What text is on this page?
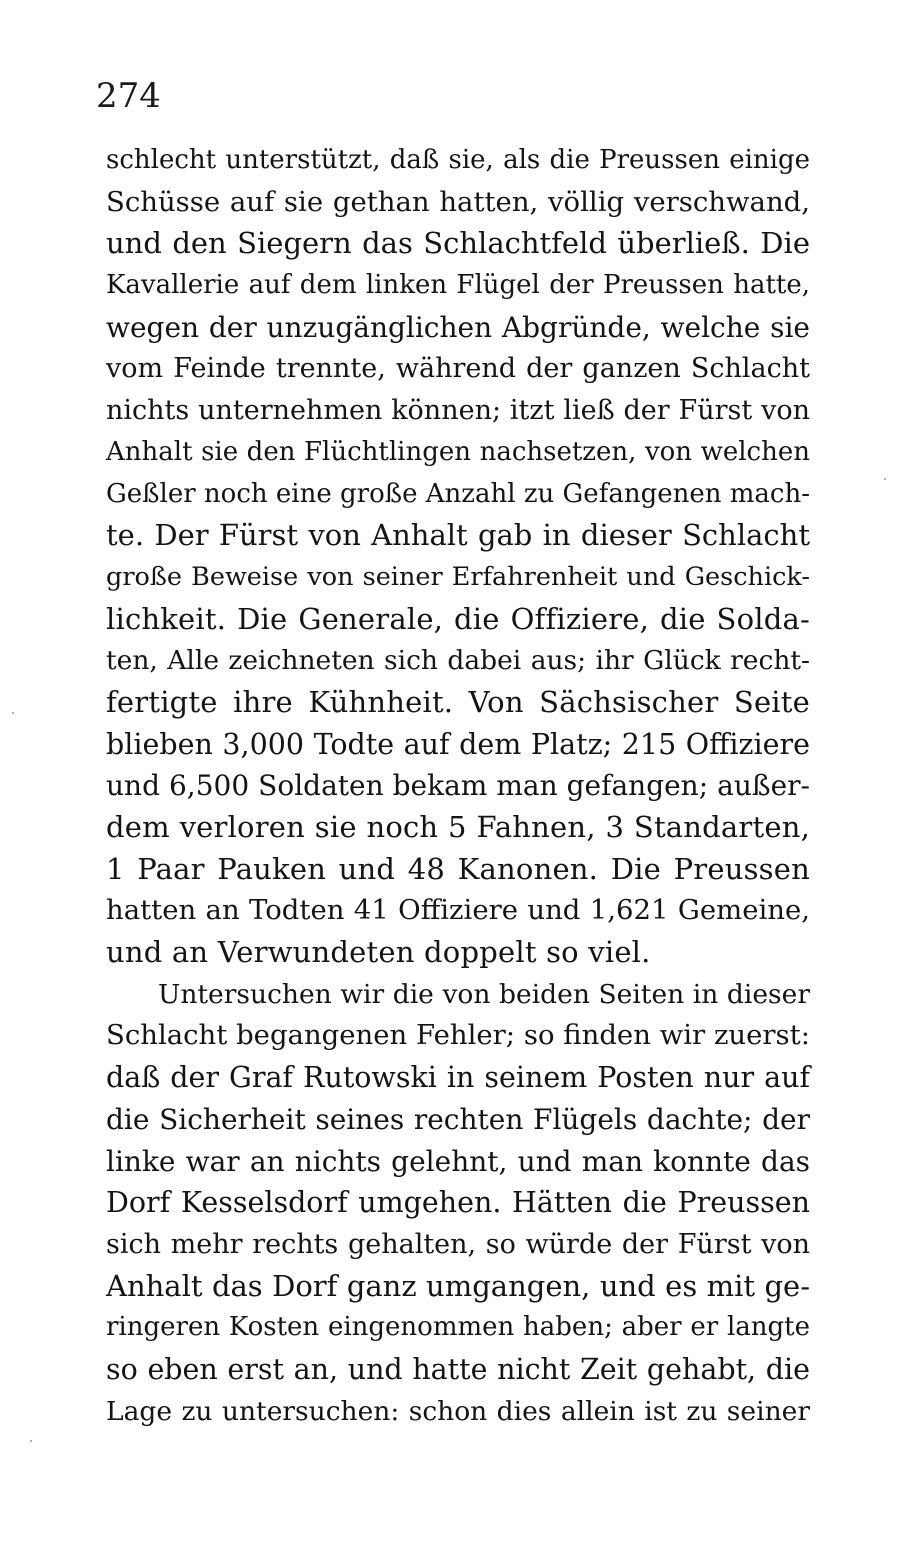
274
schlecht unterstützt, daß sie, als die Preussen einige
Schüsse auf sie gethan hatten, völlig verschwand,
und den Siegern das Schlachtfeld überließ. Die
Kavallerie auf dem linken Flügel der Preussen hatte,
wegen der unzugänglichen Abgründe, welche sie
vom Feinde trennte, während der ganzen Schlacht
nichts unternehmen können; itzt ließ der Fürst von
Anhalt sie den Flüchtlingen nachsetzen, von welchen
Geßler noch eine große Anzahl zu Gefangenen mach-
te. Der Fürst von Anhalt gab in dieser Schlacht
große Beweise von seiner Erfahrenheit und Geschick-
lichkeit. Die Generale, die Offiziere, die Solda-
ten, Alle zeichneten sich dabei aus; ihr Glück recht-
fertigte ihre Kühnheit. Von Sächsischer Seite
blieben 3,000 Todte auf dem Platz; 215 Offiziere
und 6,500 Soldaten bekam man gefangen; außer-
dem verloren sie noch 5 Fahnen, 3 Standarten,
1 Paar Pauken und 48 Kanonen. Die Preussen
hatten an Todten 41 Offiziere und 1,621 Gemeine,
und an Verwundeten doppelt so viel.
Untersuchen wir die von beiden Seiten in dieser
Schlacht begangenen Fehler; so finden wir zuerst:
daß der Graf Rutowski in seinem Posten nur auf
die Sicherheit seines rechten Flügels dachte; der
linke war an nichts gelehnt, und man konnte das
Dorf Kesselsdorf umgehen. Hätten die Preussen
sich mehr rechts gehalten, so würde der Fürst von
Anhalt das Dorf ganz umgangen, und es mit ge-
ringeren Kosten eingenommen haben; aber er langte
so eben erst an, und hatte nicht Zeit gehabt, die
Lage zu untersuchen: schon dies allein ist zu seiner
